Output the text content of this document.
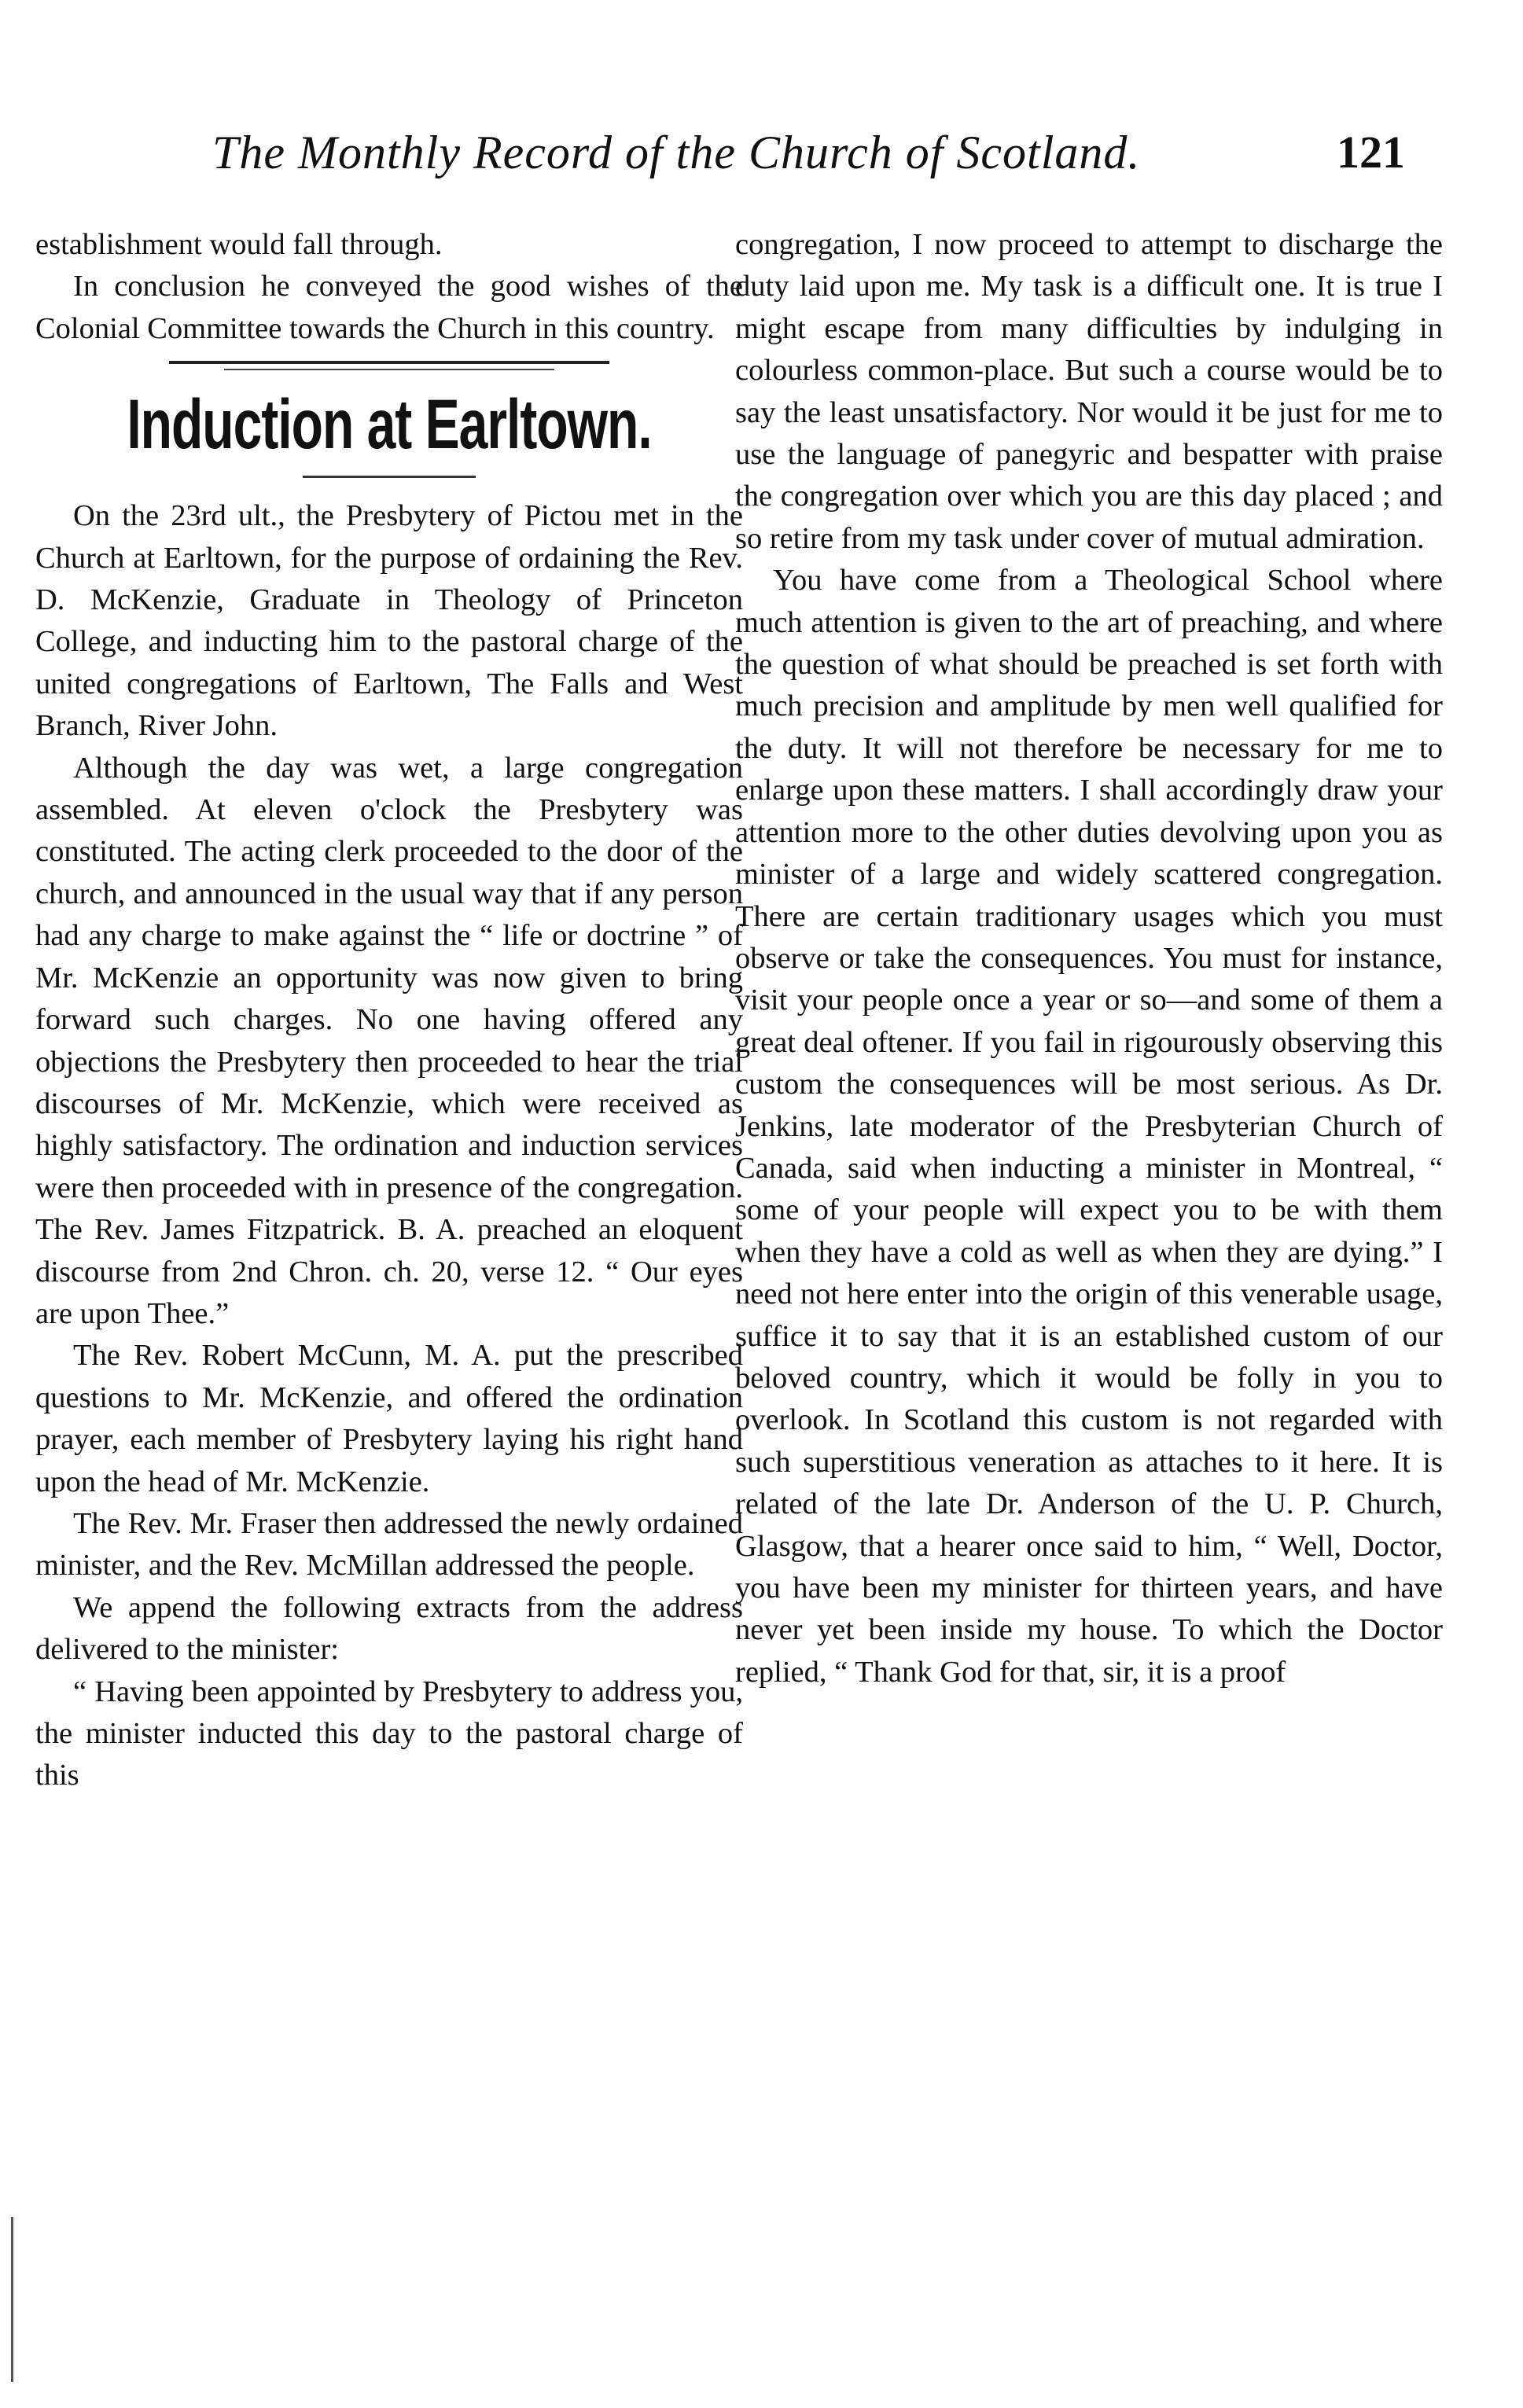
The Monthly Record of the Church of Scotland.	121

establishment would fall through.

In conclusion he conveyed the good wishes of the Colonial Committee towards the Church in this country.

Induction at Earltown.

On the 23rd ult., the Presbytery of Pictou met in the Church at Earltown, for the purpose of ordaining the Rev. D. McKenzie, Graduate in Theology of Princeton College, and inducting him to the pastoral charge of the united congregations of Earltown, The Falls and West Branch, River John.

Although the day was wet, a large congregation assembled. At eleven o'clock the Presbytery was constituted. The acting clerk proceeded to the door of the church, and announced in the usual way that if any person had any charge to make against the “ life or doctrine ” of Mr. McKenzie an opportunity was now given to bring forward such charges. No one having offered any objections the Presbytery then proceeded to hear the trial discourses of Mr. McKenzie, which were received as highly satisfactory. The ordination and induction services were then proceeded with in presence of the congregation. The Rev. James Fitzpatrick. B. A. preached an eloquent discourse from 2nd Chron. ch. 20, verse 12. “ Our eyes are upon Thee.”

The Rev. Robert McCunn, M. A. put the prescribed questions to Mr. McKenzie, and offered the ordination prayer, each member of Presbytery laying his right hand upon the head of Mr. McKenzie.

The Rev. Mr. Fraser then addressed the newly ordained minister, and the Rev. McMillan addressed the people.

We append the following extracts from the address delivered to the minister:

“ Having been appointed by Presbytery to address you, the minister inducted this day to the pastoral charge of this

congregation, I now proceed to attempt to discharge the duty laid upon me. My task is a difficult one. It is true I might escape from many difficulties by indulging in colourless common-place. But such a course would be to say the least unsatisfactory. Nor would it be just for me to use the language of panegyric and bespatter with praise the congregation over which you are this day placed ; and so retire from my task under cover of mutual admiration.

You have come from a Theological School where much attention is given to the art of preaching, and where the question of what should be preached is set forth with much precision and amplitude by men well qualified for the duty. It will not therefore be necessary for me to enlarge upon these matters. I shall accordingly draw your attention more to the other duties devolving upon you as minister of a large and widely scattered congregation. There are certain traditionary usages which you must observe or take the consequences. You must for instance, visit your people once a year or so—and some of them a great deal oftener. If you fail in rigourously observing this custom the consequences will be most serious. As Dr. Jenkins, late moderator of the Presbyterian Church of Canada, said when inducting a minister in Montreal, “ some of your people will expect you to be with them when they have a cold as well as when they are dying.” I need not here enter into the origin of this venerable usage, suffice it to say that it is an established custom of our beloved country, which it would be folly in you to overlook. In Scotland this custom is not regarded with such superstitious veneration as attaches to it here. It is related of the late Dr. Anderson of the U. P. Church, Glasgow, that a hearer once said to him, “ Well, Doctor, you have been my minister for thirteen years, and have never yet been inside my house. To which the Doctor replied, “ Thank God for that, sir, it is a proof
